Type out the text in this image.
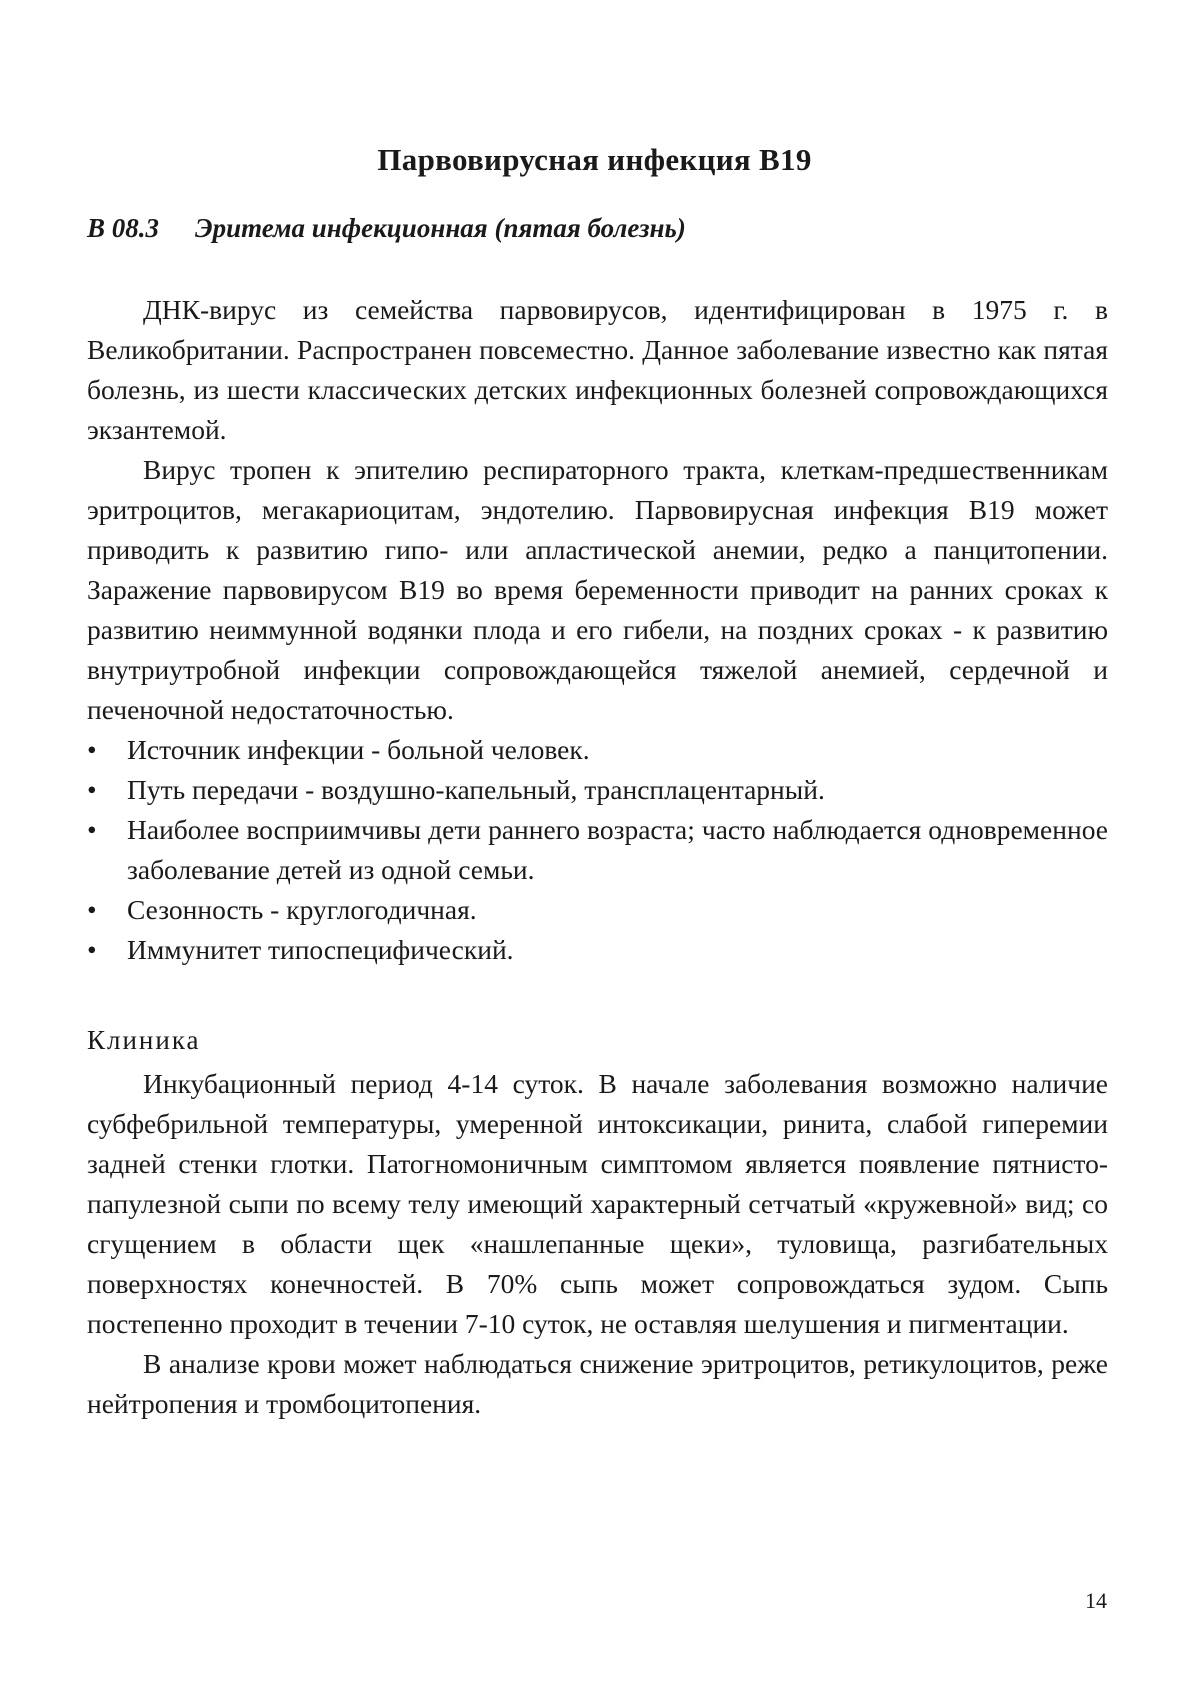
Парвовирусная инфекция В19
В 08.3 Эритема инфекционная (пятая болезнь)

ДНК-вирус из семейства парвовирусов, идентифицирован в 1975 г. в Великобритании. Распространен повсеместно. Данное заболевание известно как пятая болезнь, из шести классических детских инфекционных болезней сопровождающихся экзантемой.

Вирус тропен к эпителию респираторного тракта, клеткам-предшественникам эритроцитов, мегакариоцитам, эндотелию. Парвовирусная инфекция В19 может приводить к развитию гипо- или апластической анемии, редко а панцитопении. Заражение парвовирусом В19 во время беременности приводит на ранних сроках к развитию неиммунной водянки плода и его гибели, на поздних сроках - к развитию внутриутробной инфекции сопровождающейся тяжелой анемией, сердечной и печеночной недостаточностью.

• Источник инфекции - больной человек.
• Путь передачи - воздушно-капельный, трансплацентарный.
• Наиболее восприимчивы дети раннего возраста; часто наблюдается одновременное заболевание детей из одной семьи.
• Сезонность - круглогодичная.
• Иммунитет типоспецифический.
Клиника

Инкубационный период 4-14 суток. В начале заболевания возможно наличие субфебрильной температуры, умеренной интоксикации, ринита, слабой гиперемии задней стенки глотки. Патогномоничным симптомом является появление пятнисто-папулезной сыпи по всему телу имеющий характерный сетчатый «кружевной» вид; со сгущением в области щек «нашлепанные щеки», туловища, разгибательных поверхностях конечностей. В 70% сыпь может сопровождаться зудом. Сыпь постепенно проходит в течении 7-10 суток, не оставляя шелушения и пигментации.

В анализе крови может наблюдаться снижение эритроцитов, ретикулоцитов, реже нейтропения и тромбоцитопения.

14
